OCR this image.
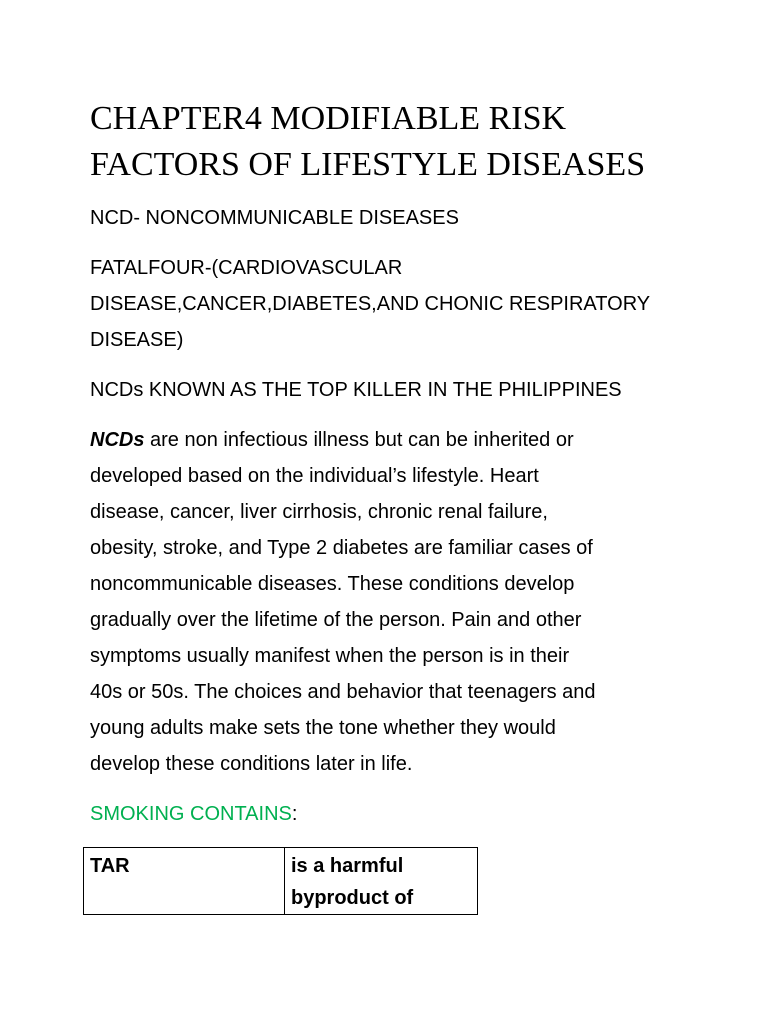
CHAPTER4 MODIFIABLE RISK
FACTORS OF LIFESTYLE DISEASES

NCD- NONCOMMUNICABLE DISEASES

FATALFOUR-(CARDIOVASCULAR
DISEASE,CANCER,DIABETES,AND CHONIC RESPIRATORY
DISEASE)

NCDs KNOWN AS THE TOP KILLER IN THE PHILIPPINES

NCDs are non infectious illness but can be inherited or
developed based on the individual’s lifestyle. Heart
disease, cancer, liver cirrhosis, chronic renal failure,
obesity, stroke, and Type 2 diabetes are familiar cases of
noncommunicable diseases. These conditions develop
gradually over the lifetime of the person. Pain and other
symptoms usually manifest when the person is in their
40s or 50s. The choices and behavior that teenagers and
young adults make sets the tone whether they would
develop these conditions later in life.

SMOKING CONTAINS:

TAR	is a harmful
byproduct of
